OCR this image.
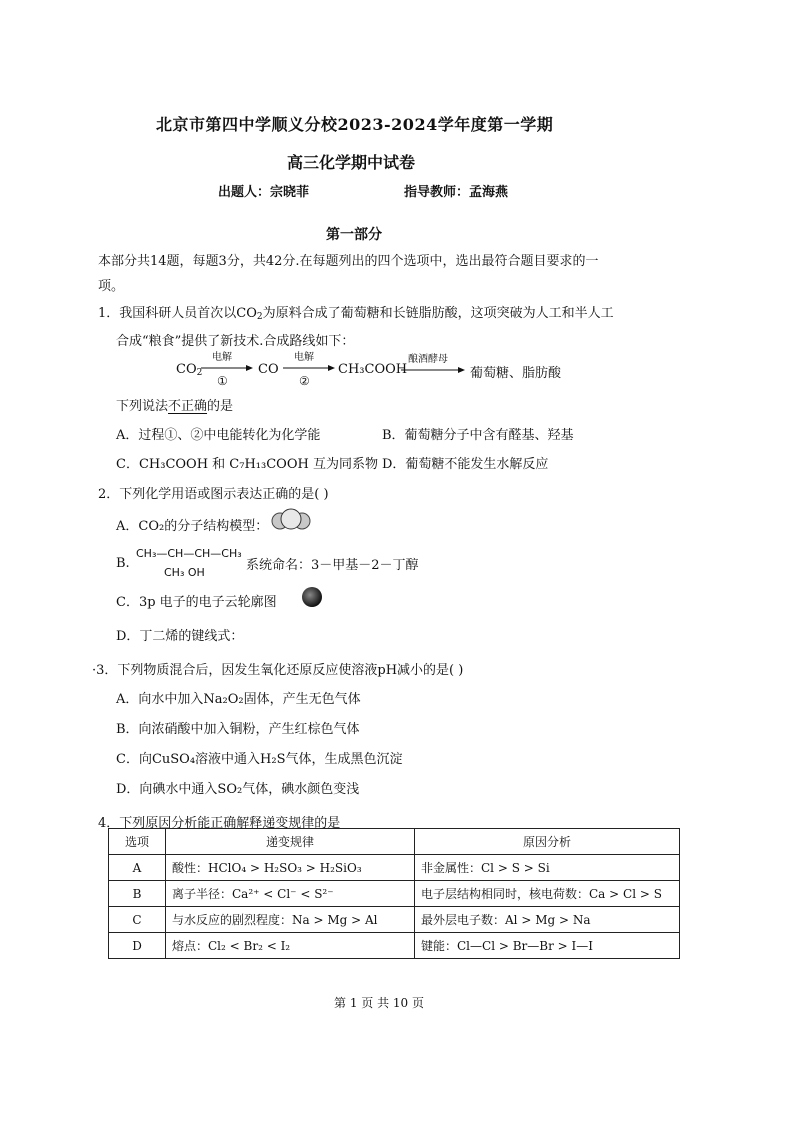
北京市第四中学顺义分校2023-2024学年度第一学期
高三化学期中试卷
出题人：宗晓菲	指导教师：孟海燕
第一部分
本部分共14题，每题3分，共42分.在每题列出的四个选项中，选出最符合题目要求的一
项。
1．我国科研人员首次以$CO_2$为原料合成了葡萄糖和长链脂肪酸，这项突破为人工和半人工
合成“粮食”提供了新技术.合成路线如下：
$CO_2$
电解
①
CO
电解
②
CH₃COOH
酿酒酵母
葡萄糖、脂肪酸
下列说法不正确的是
A．过程①、②中电能转化为化学能	B．葡萄糖分子中含有醛基、羟基
C．CH₃COOH 和 C₇H₁₃COOH 互为同系物 D．葡萄糖不能发生水解反应
2．下列化学用语或图示表达正确的是( )
A．CO₂的分子结构模型：
B.
CH₃—CH—CH—CH₃
CH₃ OH	系统命名：3－甲基－2－丁醇
C．3p 电子的电子云轮廓图
D．丁二烯的键线式：
·3．下列物质混合后，因发生氧化还原反应使溶液pH减小的是( )
A．向水中加入Na₂O₂固体，产生无色气体
B．向浓硝酸中加入铜粉，产生红棕色气体
C．向CuSO₄溶液中通入H₂S气体，生成黑色沉淀
D．向碘水中通入SO₂气体，碘水颜色变浅
4．下列原因分析能正确解释递变规律的是
选项	递变规律	原因分析
A	酸性：HClO₄ > H₂SO₃ > H₂SiO₃	非金属性：Cl > S > Si
B	离子半径：Ca²⁺ < Cl⁻ < S²⁻	电子层结构相同时，核电荷数：Ca > Cl > S
C	与水反应的剧烈程度：Na > Mg > Al	最外层电子数：Al > Mg > Na
D	熔点：Cl₂ < Br₂ < I₂	键能：Cl—Cl > Br—Br > I—I
第 1 页 共 10 页
